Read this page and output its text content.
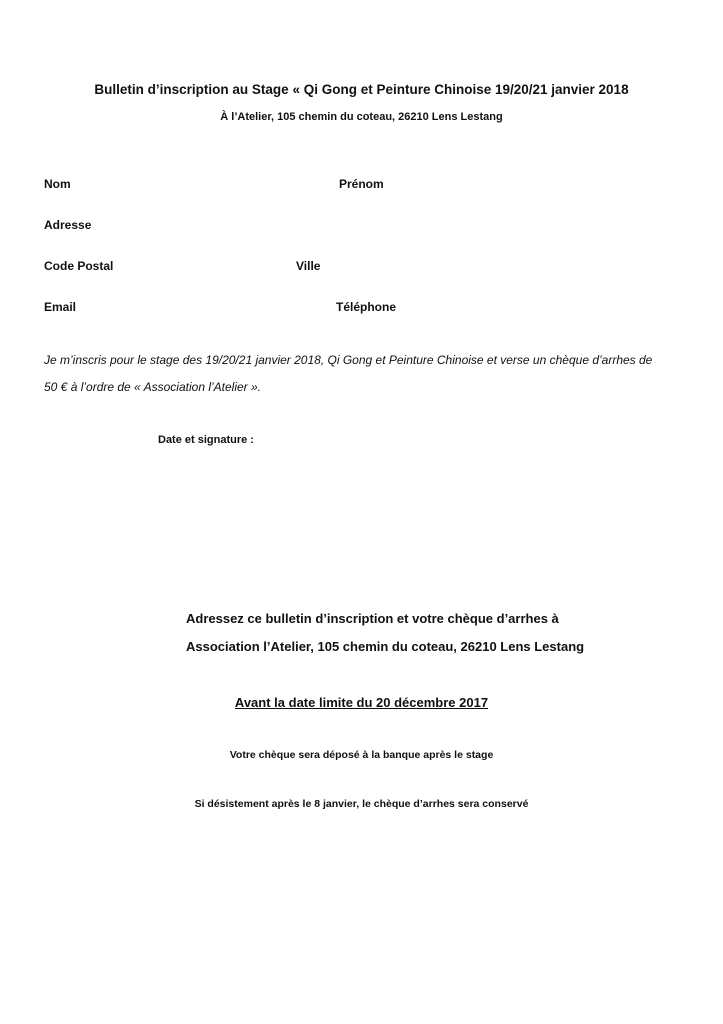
Bulletin d’inscription au Stage « Qi Gong et Peinture Chinoise 19/20/21 janvier 2018
À l’Atelier, 105 chemin du coteau, 26210 Lens Lestang
Nom	Prénom
Adresse
Code Postal	Ville
Email	Téléphone
Je m’inscris pour le stage des 19/20/21 janvier 2018, Qi Gong et Peinture Chinoise et verse un chèque d’arrhes de
50 € à l’ordre de « Association l’Atelier ».
Date et signature :
Adressez ce bulletin d’inscription et votre chèque d’arrhes à
Association l’Atelier, 105 chemin du coteau, 26210 Lens Lestang
Avant la date limite du 20 décembre 2017
Votre chèque sera déposé à la banque après le stage
Si désistement après le 8 janvier, le chèque d’arrhes sera conservé
